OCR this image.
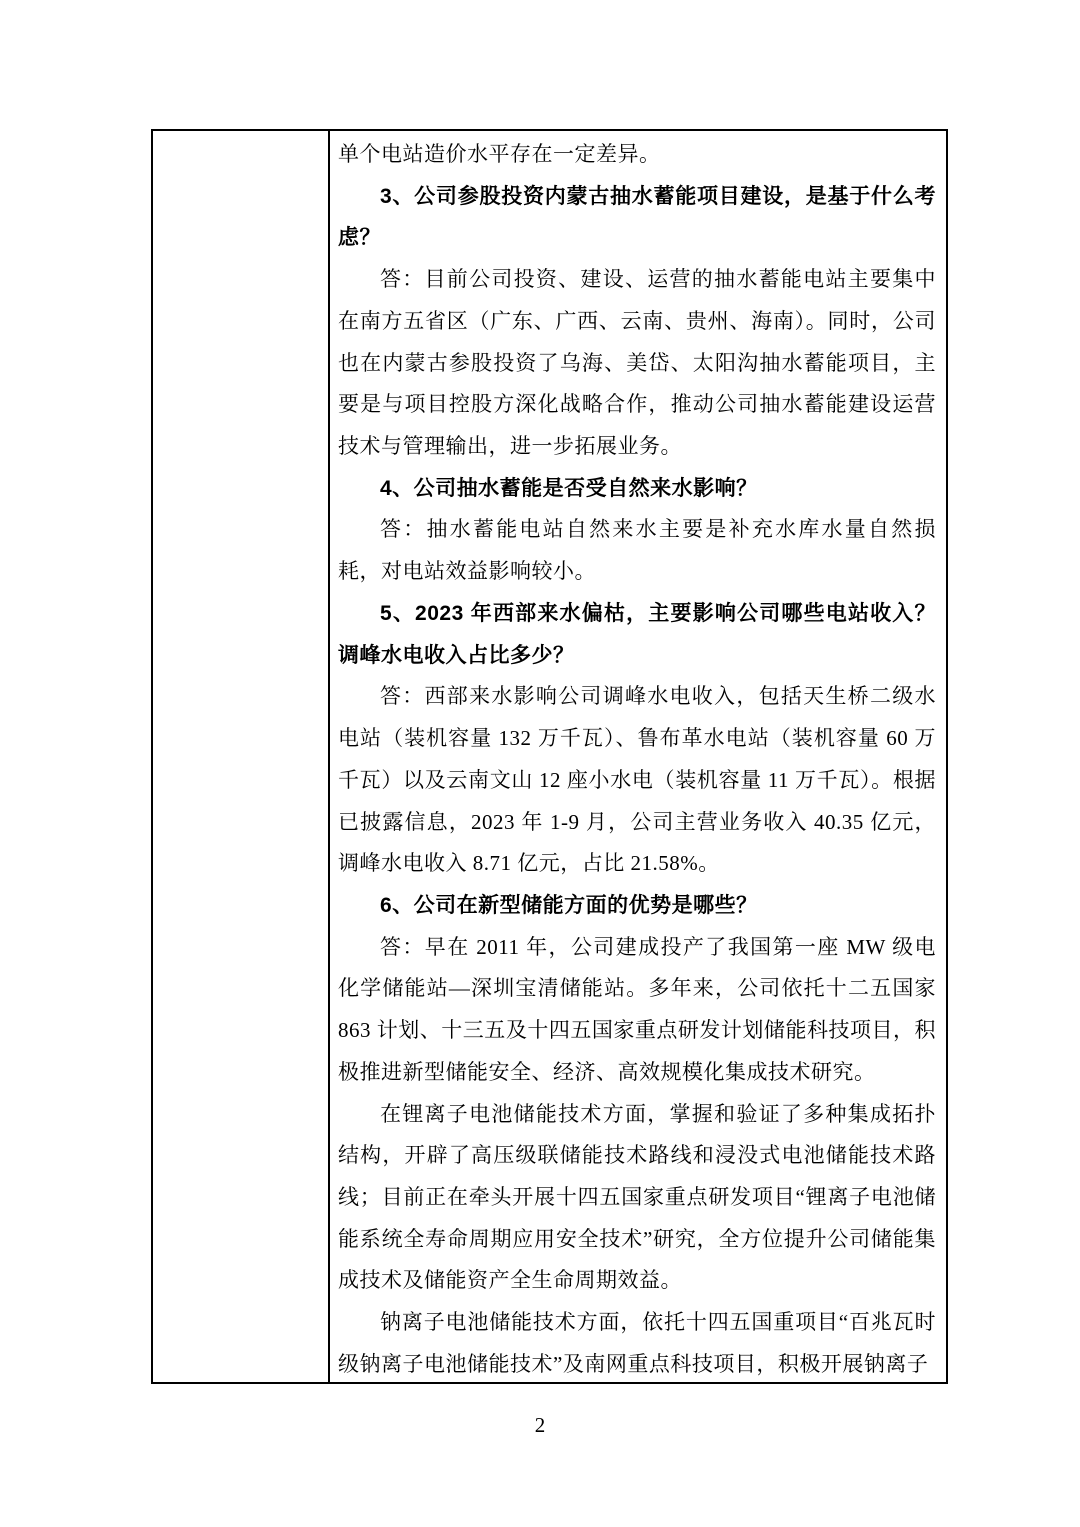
单个电站造价水平存在一定差异。

3、公司参股投资内蒙古抽水蓄能项目建设，是基于什么考虑？

答：目前公司投资、建设、运营的抽水蓄能电站主要集中在南方五省区（广东、广西、云南、贵州、海南）。同时，公司也在内蒙古参股投资了乌海、美岱、太阳沟抽水蓄能项目，主要是与项目控股方深化战略合作，推动公司抽水蓄能建设运营技术与管理输出，进一步拓展业务。

4、公司抽水蓄能是否受自然来水影响？

答：抽水蓄能电站自然来水主要是补充水库水量自然损耗，对电站效益影响较小。

5、2023 年西部来水偏枯，主要影响公司哪些电站收入？调峰水电收入占比多少？

答：西部来水影响公司调峰水电收入，包括天生桥二级水电站（装机容量 132 万千瓦）、鲁布革水电站（装机容量 60 万千瓦）以及云南文山 12 座小水电（装机容量 11 万千瓦）。根据已披露信息，2023 年 1-9 月，公司主营业务收入 40.35 亿元，调峰水电收入 8.71 亿元，占比 21.58%。

6、公司在新型储能方面的优势是哪些？

答：早在 2011 年，公司建成投产了我国第一座 MW 级电化学储能站—深圳宝清储能站。多年来，公司依托十二五国家 863 计划、十三五及十四五国家重点研发计划储能科技项目，积极推进新型储能安全、经济、高效规模化集成技术研究。

在锂离子电池储能技术方面，掌握和验证了多种集成拓扑结构，开辟了高压级联储能技术路线和浸没式电池储能技术路线；目前正在牵头开展十四五国家重点研发项目“锂离子电池储能系统全寿命周期应用安全技术”研究，全方位提升公司储能集成技术及储能资产全生命周期效益。

钠离子电池储能技术方面，依托十四五国重项目“百兆瓦时级钠离子电池储能技术”及南网重点科技项目，积极开展钠离子

2
